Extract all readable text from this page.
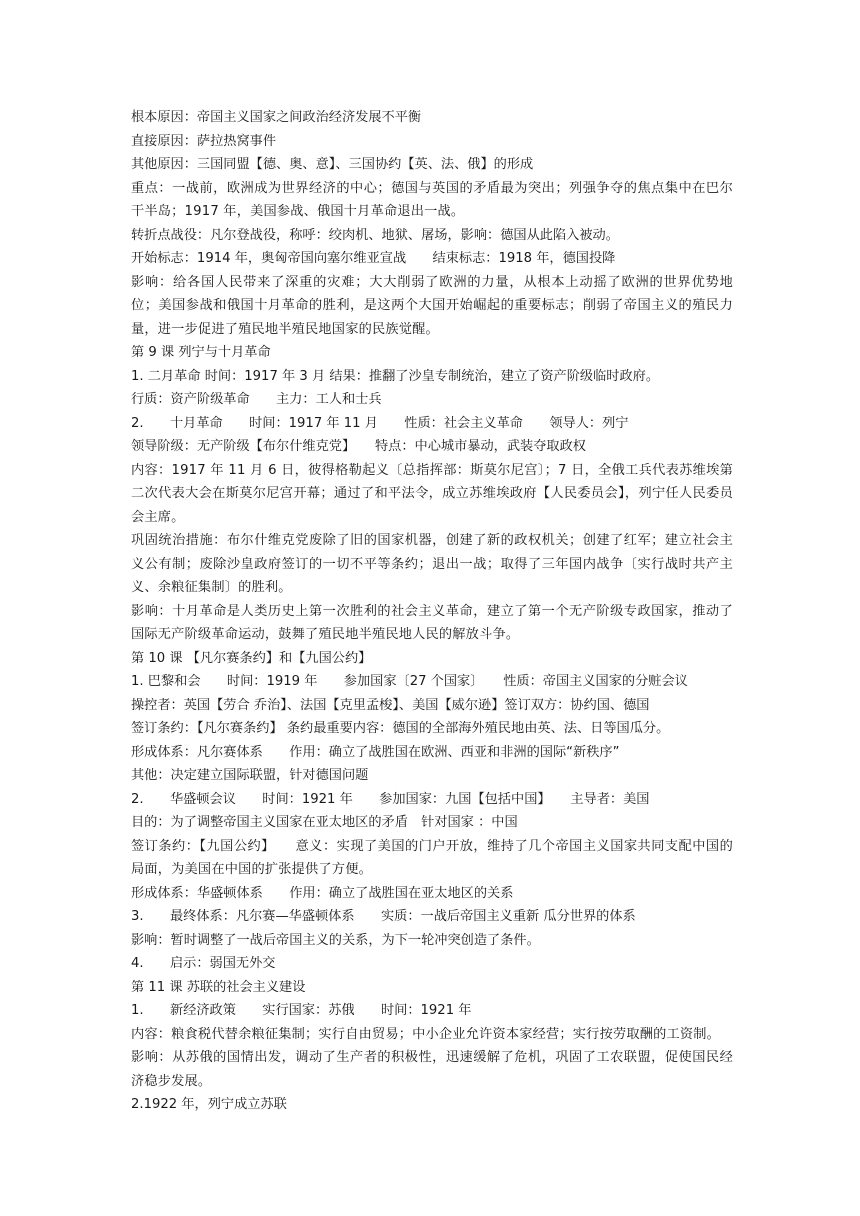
根本原因：帝国主义国家之间政治经济发展不平衡
直接原因：萨拉热窝事件
其他原因：三国同盟【德、奥、意】、三国协约【英、法、俄】的形成
重点：一战前，欧洲成为世界经济的中心；德国与英国的矛盾最为突出；列强争夺的焦点集中在巴尔干半岛；1917 年，美国参战、俄国十月革命退出一战。
转折点战役：凡尔登战役，称呼：绞肉机、地狱、屠场，影响：德国从此陷入被动。
开始标志：1914 年，奥匈帝国向塞尔维亚宣战　　结束标志：1918 年，德国投降
影响：给各国人民带来了深重的灾难；大大削弱了欧洲的力量，从根本上动摇了欧洲的世界优势地位；美国参战和俄国十月革命的胜利，是这两个大国开始崛起的重要标志；削弱了帝国主义的殖民力量，进一步促进了殖民地半殖民地国家的民族觉醒。
第 9 课 列宁与十月革命
1. 二月革命 时间：1917 年 3 月 结果：推翻了沙皇专制统治，建立了资产阶级临时政府。
行质：资产阶级革命　　主力：工人和士兵
2.　　十月革命　　时间：1917 年 11 月　　性质：社会主义革命　　领导人：列宁
领导阶级：无产阶级【布尔什维克党】　　特点：中心城市暴动，武装夺取政权
内容：1917 年 11 月 6 日，彼得格勒起义〔总指挥部：斯莫尔尼宫〕；7 日，全俄工兵代表苏维埃第二次代表大会在斯莫尔尼宫开幕；通过了和平法令，成立苏维埃政府【人民委员会】，列宁任人民委员会主席。
巩固统治措施：布尔什维克党废除了旧的国家机器，创建了新的政权机关；创建了红军；建立社会主义公有制；废除沙皇政府签订的一切不平等条约；退出一战；取得了三年国内战争〔实行战时共产主义、余粮征集制〕的胜利。
影响：十月革命是人类历史上第一次胜利的社会主义革命，建立了第一个无产阶级专政国家，推动了国际无产阶级革命运动，鼓舞了殖民地半殖民地人民的解放斗争。
第 10 课 【凡尔赛条约】和【九国公约】
1. 巴黎和会　　时间：1919 年　　参加国家〔27 个国家〕　　性质：帝国主义国家的分赃会议
操控者：英国【劳合 乔治】、法国【克里孟梭】、美国【威尔逊】签订双方：协约国、德国
签订条约：【凡尔赛条约】 条约最重要内容：德国的全部海外殖民地由英、法、日等国瓜分。
形成体系：凡尔赛体系　　作用：确立了战胜国在欧洲、西亚和非洲的国际“新秩序”
其他：决定建立国际联盟，针对德国问题
2.　　华盛顿会议　　时间：1921 年　　参加国家：九国【包括中国】　　主导者：美国
目的：为了调整帝国主义国家在亚太地区的矛盾　针对国家 ：中国
签订条约：【九国公约】　　意义：实现了美国的门户开放，维持了几个帝国主义国家共同支配中国的局面，为美国在中国的扩张提供了方便。
形成体系：华盛顿体系　　作用：确立了战胜国在亚太地区的关系
3.　　最终体系：凡尔赛—华盛顿体系　　实质：一战后帝国主义重新 瓜分世界的体系
影响：暂时调整了一战后帝国主义的关系，为下一轮冲突创造了条件。
4.　　启示：弱国无外交
第 11 课 苏联的社会主义建设
1.　　新经济政策　　实行国家：苏俄　　时间：1921 年
内容：粮食税代替余粮征集制；实行自由贸易；中小企业允许资本家经营；实行按劳取酬的工资制。
影响：从苏俄的国情出发，调动了生产者的积极性，迅速缓解了危机，巩固了工农联盟，促使国民经济稳步发展。
2.1922 年，列宁成立苏联
